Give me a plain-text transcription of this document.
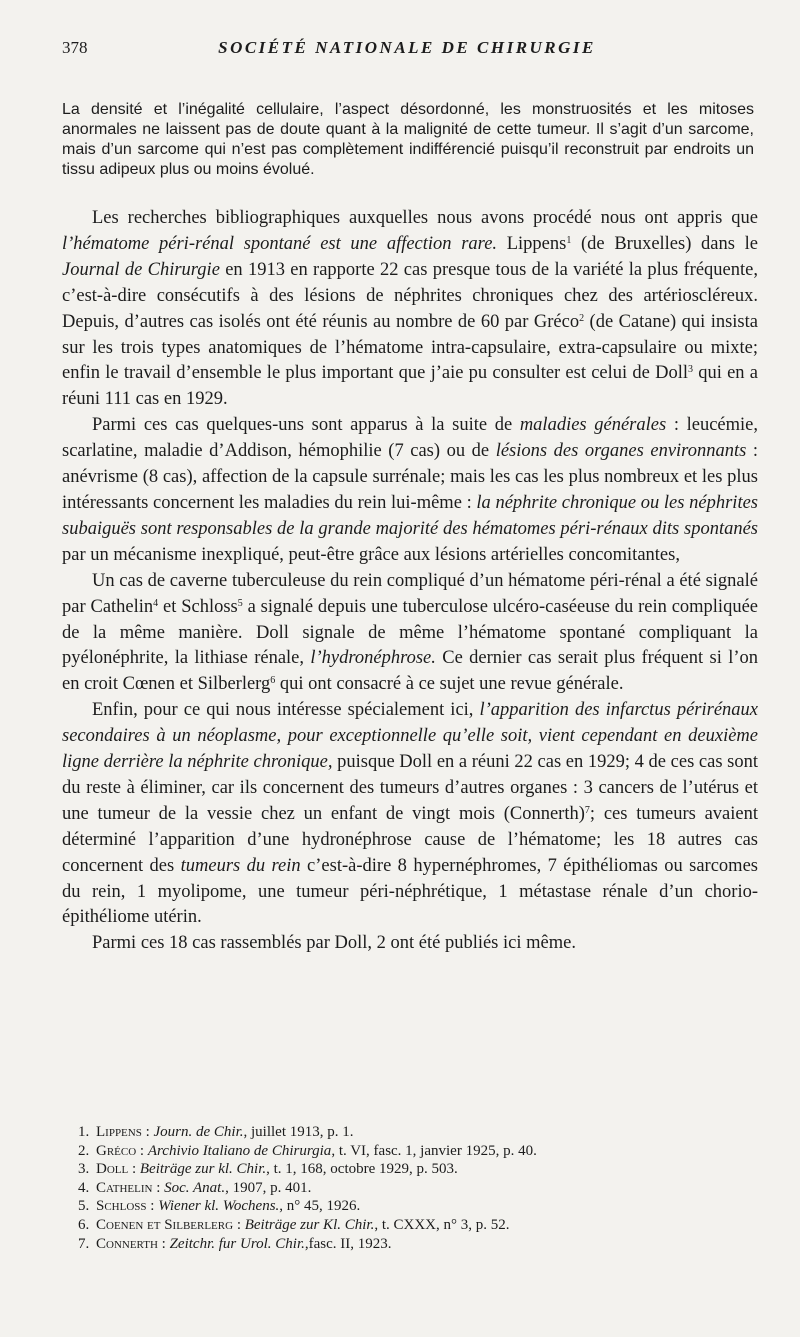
378	SOCIÉTÉ NATIONALE DE CHIRURGIE

La densité et l’inégalité cellulaire, l’aspect désordonné, les monstruosités et les mitoses anormales ne laissent pas de doute quant à la malignité de cette tumeur. Il s’agit d’un sarcome, mais d’un sarcome qui n’est pas complètement indifférencié puisqu’il reconstruit par endroits un tissu adipeux plus ou moins évolué.

Les recherches bibliographiques auxquelles nous avons procédé nous ont appris que l’hématome péri-rénal spontané est une affection rare. Lippens$^1$ (de Bruxelles) dans le Journal de Chirurgie en 1913 en rapporte 22 cas presque tous de la variété la plus fréquente, c’est-à-dire consécutifs à des lésions de néphrites chroniques chez des artérioscléreux. Depuis, d’autres cas isolés ont été réunis au nombre de 60 par Gréco$^2$ (de Catane) qui insista sur les trois types anatomiques de l’hématome intra-capsulaire, extra-capsulaire ou mixte; enfin le travail d’ensemble le plus important que j’aie pu consulter est celui de Doll$^3$ qui en a réuni 111 cas en 1929.

Parmi ces cas quelques-uns sont apparus à la suite de maladies générales : leucémie, scarlatine, maladie d’Addison, hémophilie (7 cas) ou de lésions des organes environnants : anévrisme (8 cas), affection de la capsule surrénale; mais les cas les plus nombreux et les plus intéressants concernent les maladies du rein lui-même : la néphrite chronique ou les néphrites subaiguës sont responsables de la grande majorité des hématomes péri-rénaux dits spontanés par un mécanisme inexpliqué, peut-être grâce aux lésions artérielles concomitantes,

Un cas de caverne tuberculeuse du rein compliqué d’un hématome péri-rénal a été signalé par Cathelin$^4$ et Schloss$^5$ a signalé depuis une tuberculose ulcéro-caséeuse du rein compliquée de la même manière. Doll signale de même l’hématome spontané compliquant la pyélonéphrite, la lithiase rénale, l’hydronéphrose. Ce dernier cas serait plus fréquent si l’on en croit Cœnen et Silberlerg$^6$ qui ont consacré à ce sujet une revue générale.

Enfin, pour ce qui nous intéresse spécialement ici, l’apparition des infarctus périrénaux secondaires à un néoplasme, pour exceptionnelle qu’elle soit, vient cependant en deuxième ligne derrière la néphrite chronique, puisque Doll en a réuni 22 cas en 1929; 4 de ces cas sont du reste à éliminer, car ils concernent des tumeurs d’autres organes : 3 cancers de l’utérus et une tumeur de la vessie chez un enfant de vingt mois (Connerth)$^7$; ces tumeurs avaient déterminé l’apparition d’une hydronéphrose cause de l’hématome; les 18 autres cas concernent des tumeurs du rein c’est-à-dire 8 hypernéphromes, 7 épithéliomas ou sarcomes du rein, 1 myolipome, une tumeur péri-néphrétique, 1 métastase rénale d’un chorio-épithéliome utérin.

Parmi ces 18 cas rassemblés par Doll, 2 ont été publiés ici même.

1. Lippens : Journ. de Chir., juillet 1913, p. 1.
2. Gréco : Archivio Italiano de Chirurgia, t. VI, fasc. 1, janvier 1925, p. 40.
3. Doll : Beiträge zur kl. Chir., t. 1, 168, octobre 1929, p. 503.
4. Cathelin : Soc. Anat., 1907, p. 401.
5. Schloss : Wiener kl. Wochens., n° 45, 1926.
6. Coenen et Silberlerg : Beiträge zur Kl. Chir., t. CXXX, n° 3, p. 52.
7. Connerth : Zeitchr. fur Urol. Chir.,fasc. II, 1923.
